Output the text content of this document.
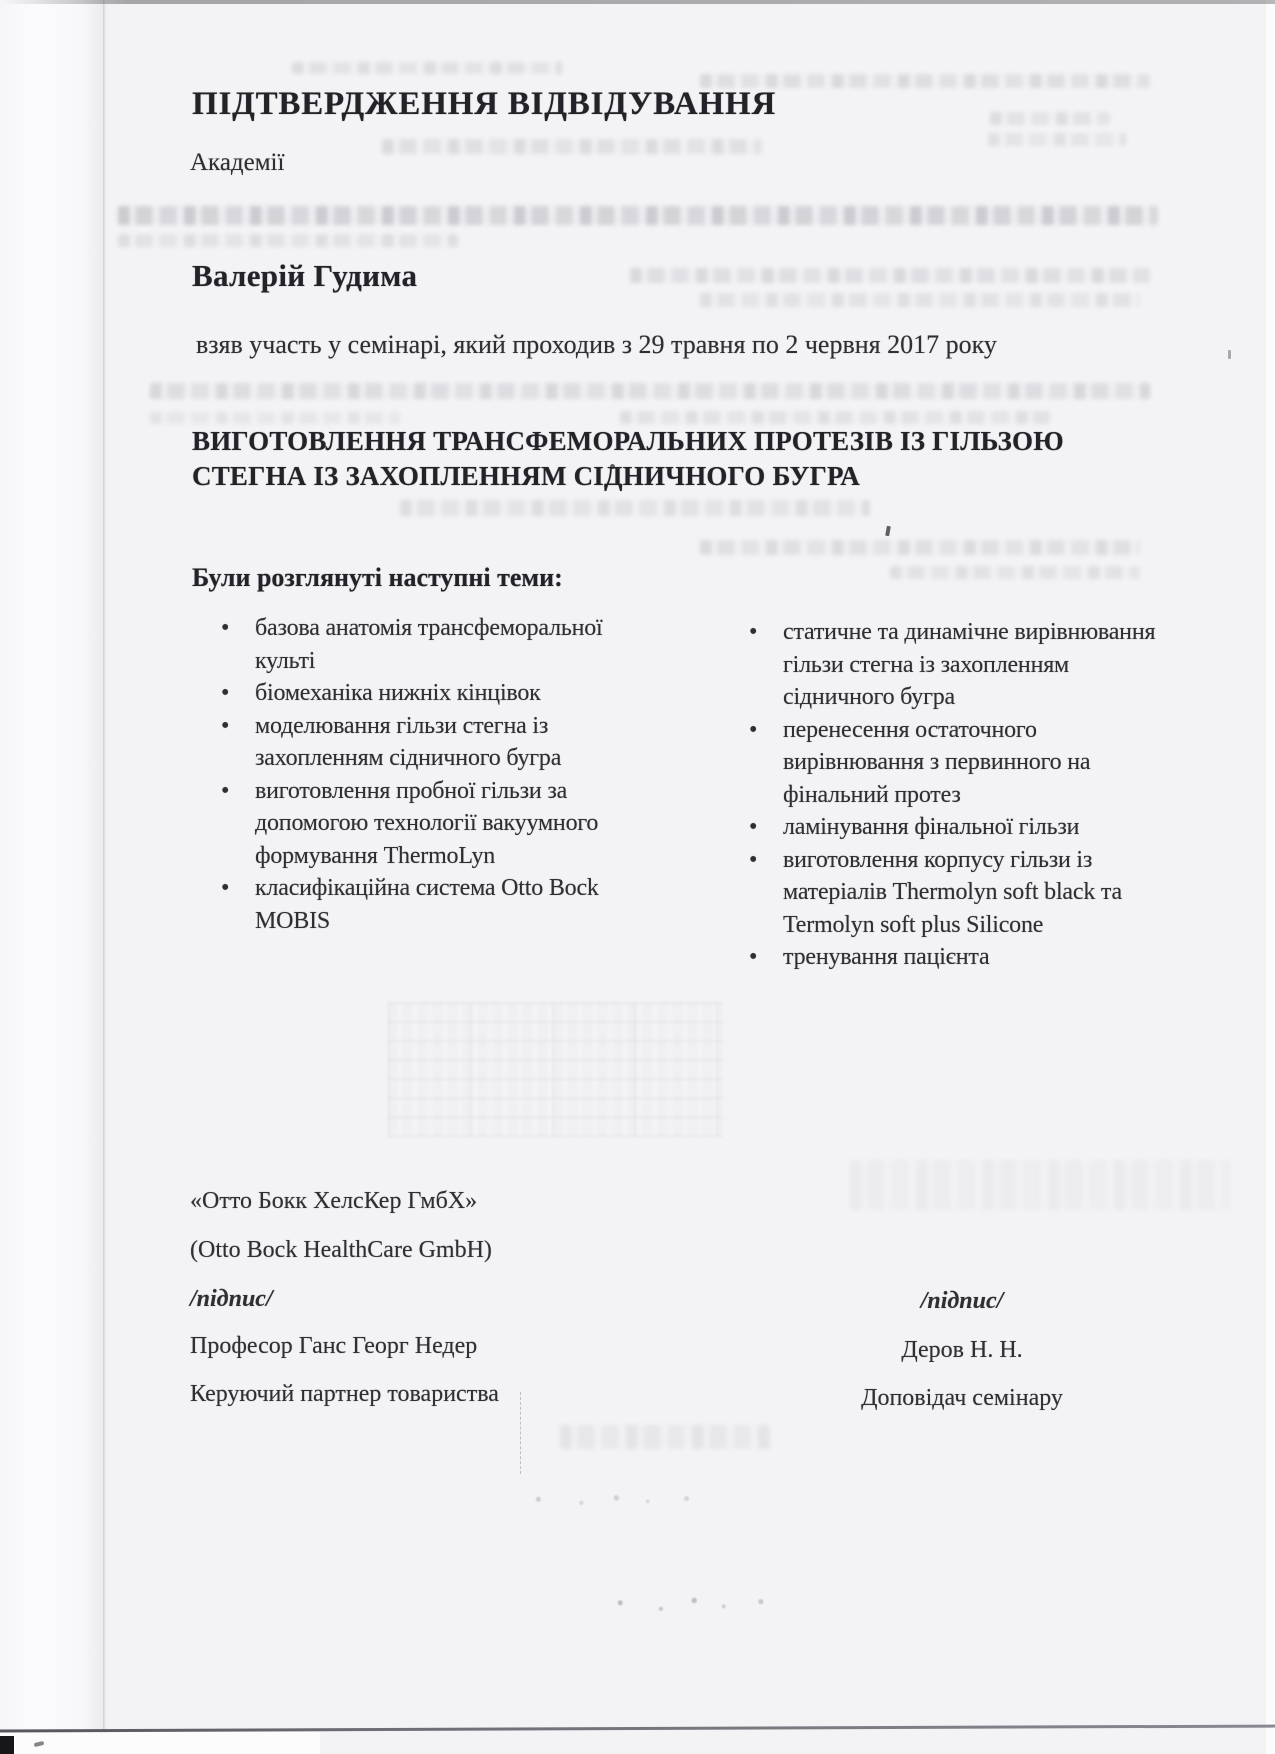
ПІДТВЕРДЖЕННЯ ВІДВІДУВАННЯ
Академії
Валерій Гудима
взяв участь у семінарі, який проходив з 29 травня по 2 червня 2017 року
ВИГОТОВЛЕННЯ ТРАНСФЕМОРАЛЬНИХ ПРОТЕЗІВ ІЗ ГІЛЬЗОЮ
СТЕГНА ІЗ ЗАХОПЛЕННЯМ СІДНИЧНОГО БУГРА
Були розглянуті наступні теми:
• базова анатомія трансфеморальної
культі
• біомеханіка нижніх кінцівок
• моделювання гільзи стегна із
захопленням сідничного бугра
• виготовлення пробної гільзи за
допомогою технології вакуумного
формування ThermoLyn
• класифікаційна система Otto Bock
MOBIS
• статичне та динамічне вирівнювання
гільзи стегна із захопленням
сідничного бугра
• перенесення остаточного
вирівнювання з первинного на
фінальний протез
• ламінування фінальної гільзи
• виготовлення корпусу гільзи із
матеріалів Thermolyn soft black та
Termolyn soft plus Silicone
• тренування пацієнта
«Отто Бокк ХелсКер ГмбХ»
(Otto Bock HealthCare GmbH)
/підпис/
Професор Ганс Георг Недер
Керуючий партнер товариства
/підпис/
Деров Н. Н.
Доповідач семінару
